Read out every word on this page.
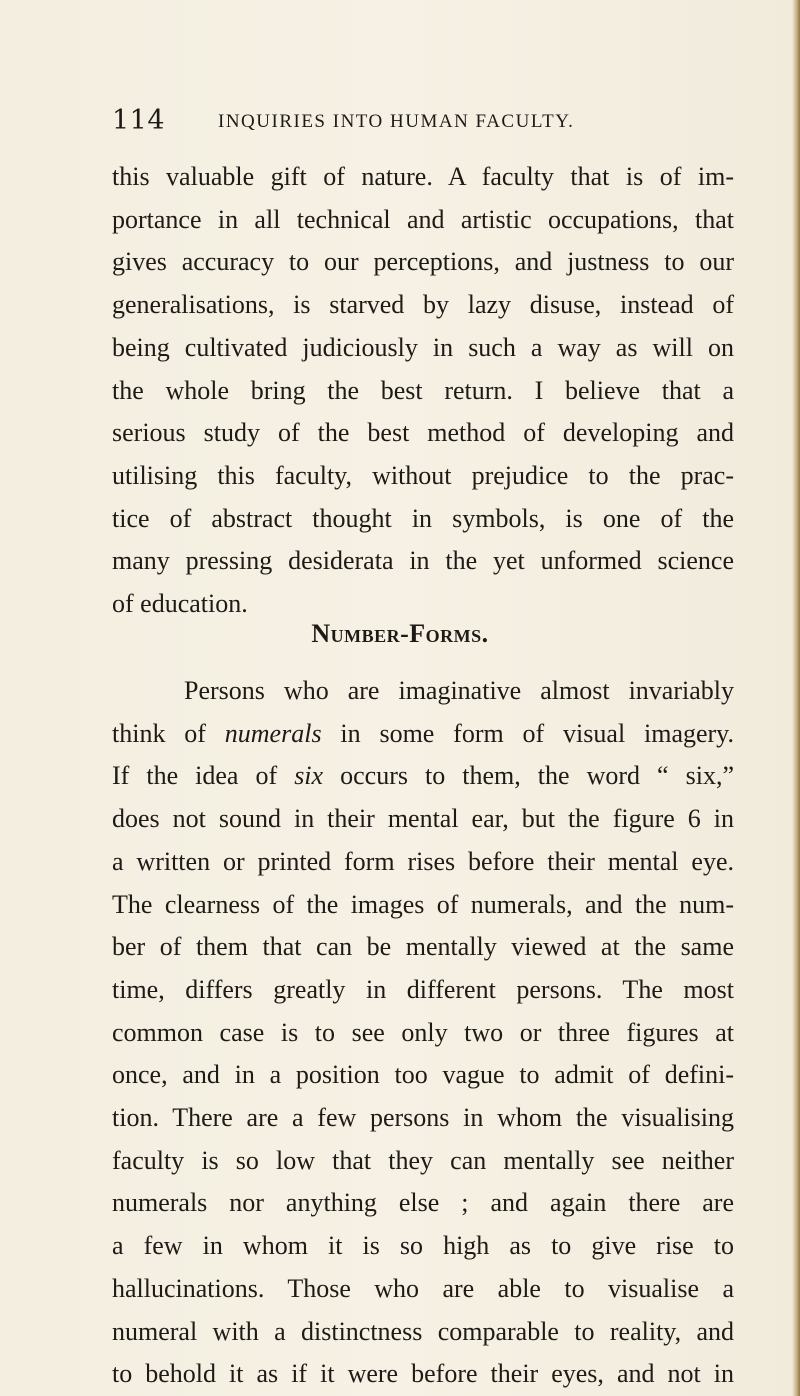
114	INQUIRIES INTO HUMAN FACULTY.
this valuable gift of nature. A faculty that is of im-
portance in all technical and artistic occupations, that
gives accuracy to our perceptions, and justness to our
generalisations, is starved by lazy disuse, instead of
being cultivated judiciously in such a way as will on
the whole bring the best return. I believe that a
serious study of the best method of developing and
utilising this faculty, without prejudice to the prac-
tice of abstract thought in symbols, is one of the
many pressing desiderata in the yet unformed science
of education.
Number-Forms.
Persons who are imaginative almost invariably
think of numerals in some form of visual imagery.
If the idea of six occurs to them, the word “ six,”
does not sound in their mental ear, but the figure 6 in
a written or printed form rises before their mental eye.
The clearness of the images of numerals, and the num-
ber of them that can be mentally viewed at the same
time, differs greatly in different persons. The most
common case is to see only two or three figures at
once, and in a position too vague to admit of defini-
tion. There are a few persons in whom the visualising
faculty is so low that they can mentally see neither
numerals nor anything else ; and again there are
a few in whom it is so high as to give rise to
hallucinations. Those who are able to visualise a
numeral with a distinctness comparable to reality, and
to behold it as if it were before their eyes, and not in
